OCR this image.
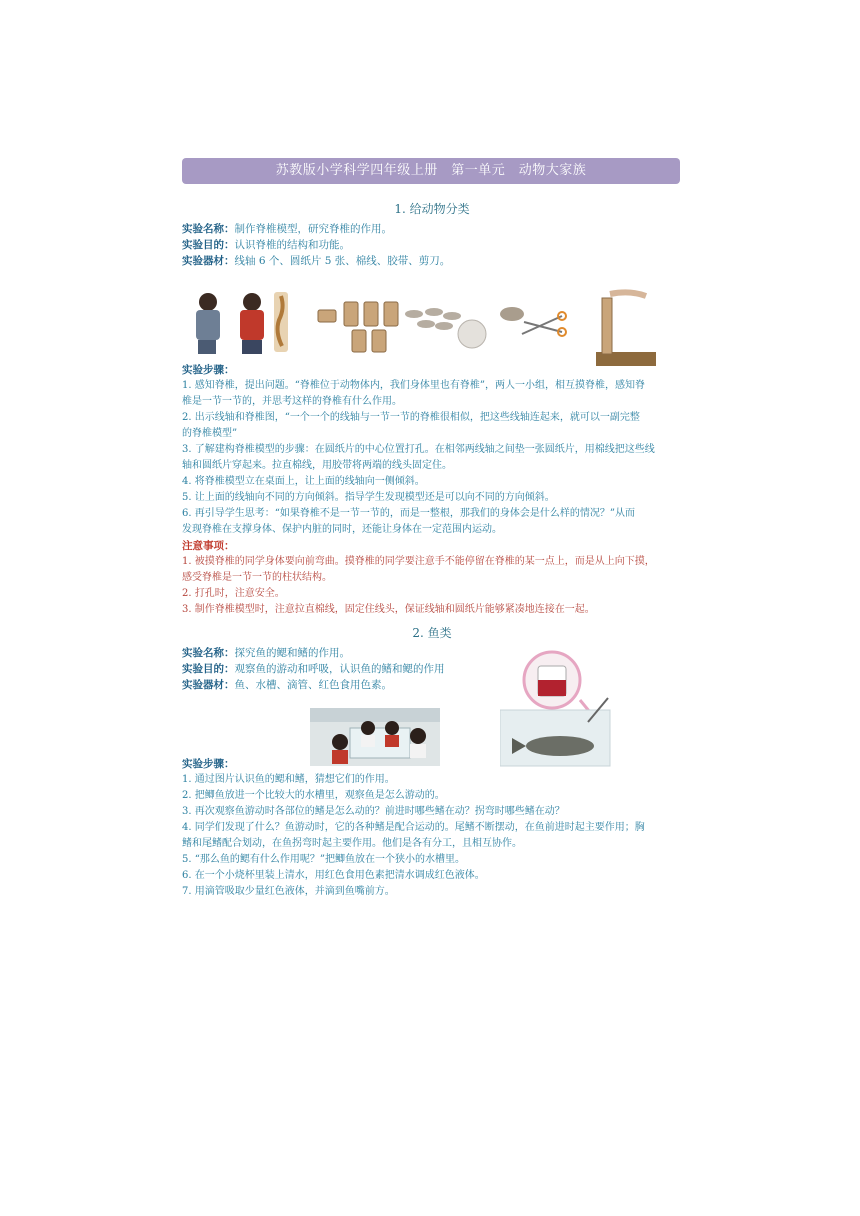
苏教版小学科学四年级上册　第一单元　动物大家族
1. 给动物分类
实验名称：制作脊椎模型，研究脊椎的作用。
实验目的：认识脊椎的结构和功能。
实验器材：线轴 6 个、圆纸片 5 张、棉线、胶带、剪刀。
实验步骤：
1. 感知脊椎，提出问题。“脊椎位于动物体内，我们身体里也有脊椎”，两人一小组，相互摸脊椎，感知脊
椎是一节一节的，并思考这样的脊椎有什么作用。
2. 出示线轴和脊椎图，“一个一个的线轴与一节一节的脊椎很相似，把这些线轴连起来，就可以一副完整
的脊椎模型”
3. 了解建构脊椎模型的步骤：在圆纸片的中心位置打孔。在相邻两线轴之间垫一张圆纸片，用棉线把这些线
轴和圆纸片穿起来。拉直棉线，用胶带将两端的线头固定住。
4. 将脊椎模型立在桌面上，让上面的线轴向一侧倾斜。
5. 让上面的线轴向不同的方向倾斜。指导学生发现模型还是可以向不同的方向倾斜。
6. 再引导学生思考：“如果脊椎不是一节一节的，而是一整根，那我们的身体会是什么样的情况？”从而
发现脊椎在支撑身体、保护内脏的同时，还能让身体在一定范围内运动。
注意事项：
1. 被摸脊椎的同学身体要向前弯曲。摸脊椎的同学要注意手不能停留在脊椎的某一点上，而是从上向下摸，
感受脊椎是一节一节的柱状结构。
2. 打孔时，注意安全。
3. 制作脊椎模型时，注意拉直棉线，固定住线头，保证线轴和圆纸片能够紧凑地连接在一起。
2. 鱼类
实验名称：探究鱼的鳃和鳍的作用。
实验目的：观察鱼的游动和呼吸，认识鱼的鳍和鳃的作用
实验器材：鱼、水槽、滴管、红色食用色素。
实验步骤：
1. 通过图片认识鱼的鳃和鳍，猜想它们的作用。
2. 把鲫鱼放进一个比较大的水槽里，观察鱼是怎么游动的。
3. 再次观察鱼游动时各部位的鳍是怎么动的？前进时哪些鳍在动？拐弯时哪些鳍在动？
4. 同学们发现了什么？鱼游动时，它的各种鳍是配合运动的。尾鳍不断摆动，在鱼前进时起主要作用；胸
鳍和尾鳍配合划动，在鱼拐弯时起主要作用。他们是各有分工，且相互协作。
5. “那么鱼的鳃有什么作用呢？”把鲫鱼放在一个狭小的水槽里。
6. 在一个小烧杯里装上清水，用红色食用色素把清水调成红色液体。
7. 用滴管吸取少量红色液体，并滴到鱼嘴前方。
